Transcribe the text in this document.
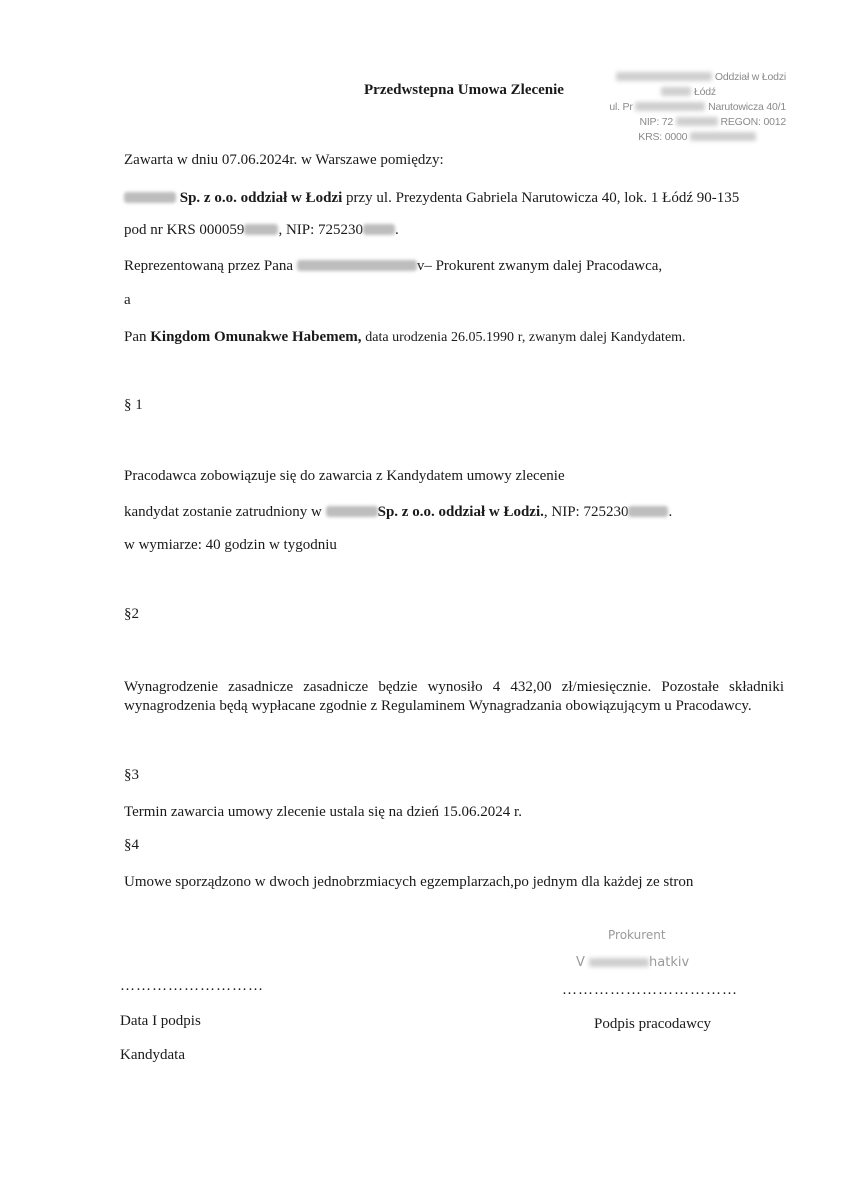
Przedwstepna Umowa Zlecenie
Oddział w Łodzi
Łódź
ul. Pr	Narutowicza 40/1
NIP: 72	REGON: 0012
KRS: 0000
Zawarta w dniu 07.06.2024r. w Warszawe pomiędzy:
Sp. z o.o. oddział w Łodzi przy ul. Prezydenta Gabriela Narutowicza 40, lok. 1 Łódź 90-135
pod nr KRS 000059 , NIP: 725230 .
Reprezentowaną przez Pana	v– Prokurent zwanym dalej Pracodawca,
a
Pan Kingdom Omunakwe Habemem, data urodzenia 26.05.1990 r, zwanym dalej Kandydatem.
§ 1
Pracodawca zobowiązuje się do zawarcia z Kandydatem umowy zlecenie
kandydat zostanie zatrudniony w	Sp. z o.o. oddział w Łodzi., NIP: 725230	.
w wymiarze: 40 godzin w tygodniu
§2
Wynagrodzenie zasadnicze zasadnicze będzie wynosiło 4 432,00 zł/miesięcznie. Pozostałe składniki wynagrodzenia będą wypłacane zgodnie z Regulaminem Wynagradzania obowiązującym u Pracodawcy.
§3
Termin zawarcia umowy zlecenie ustala się na dzień 15.06.2024 r.
§4
Umowe sporządzono w dwoch jednobrzmiacych egzemplarzach,po jednym dla każdej ze stron
Prokurent
V	hatkiv
………………………
Data I podpis
Kandydata
……………………………
Podpis pracodawcy
